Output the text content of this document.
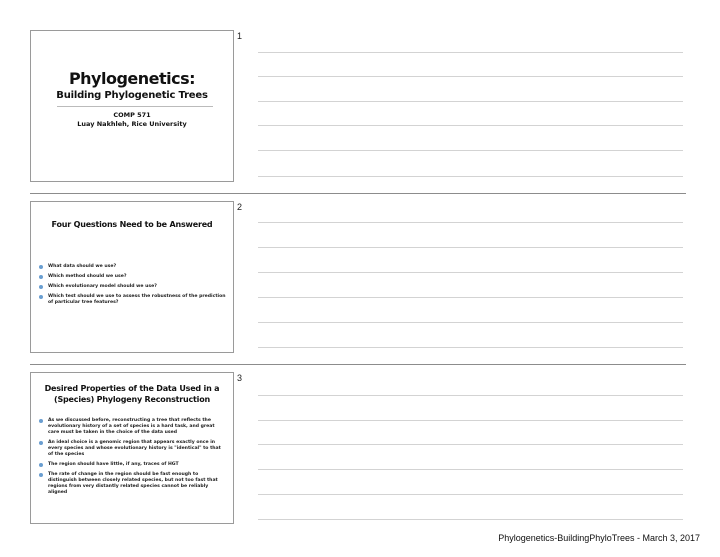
1
Phylogenetics:
Building Phylogenetic Trees
COMP 571
Luay Nakhleh, Rice University
2
Four Questions Need to be Answered
What data should we use?
Which method should we use?
Which evolutionary model should we use?
Which test should we use to assess the robustness of the prediction of particular tree features?
3
Desired Properties of the Data Used in a (Species) Phylogeny Reconstruction
As we discussed before, reconstructing a tree that reflects the evolutionary history of a set of species is a hard task, and great care must be taken in the choice of the data used
An ideal choice is a genomic region that appears exactly once in every species and whose evolutionary history is "identical" to that of the species
The region should have little, if any, traces of HGT
The rate of change in the region should be fast enough to distinguish between closely related species, but not too fast that regions from very distantly related species cannot be reliably aligned
Phylogenetics-BuildingPhyloTrees - March 3, 2017
